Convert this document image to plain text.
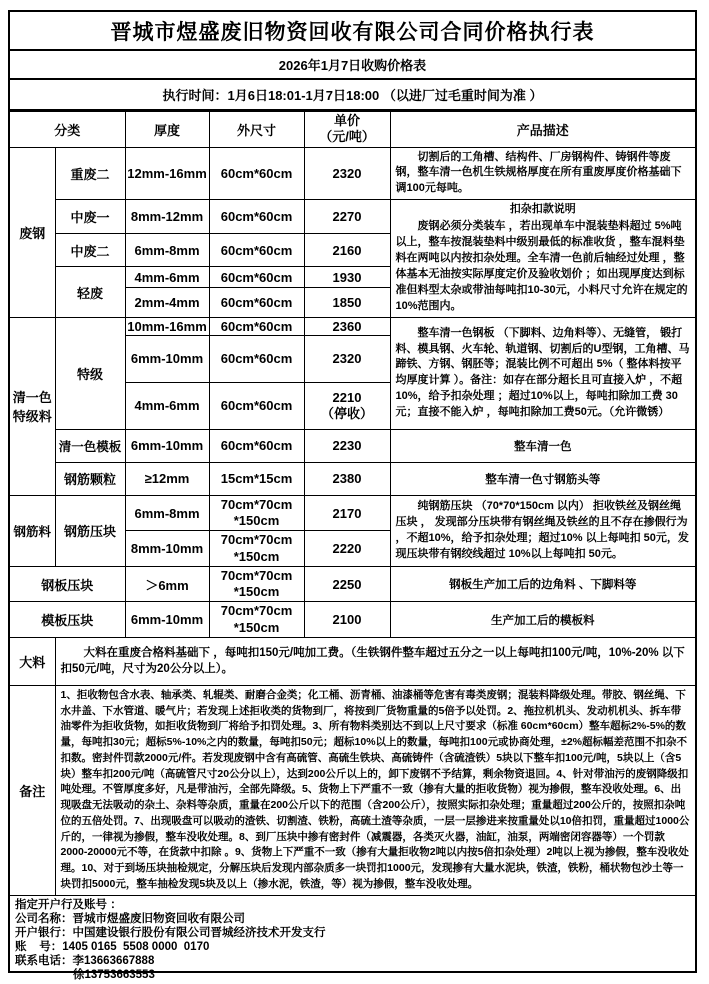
晋城市煜盛废旧物资回收有限公司合同价格执行表
2026年1月7日收购价格表
执行时间：1月6日18:01-1月7日18:00 （以进厂过毛重时间为准 ）
分类		厚度	外尺寸	单价
（元/吨）	产品描述
废钢	重废二	12mm-16mm	60cm*60cm	2320	切割后的工角槽、结构件、厂房钢构件、铸钢件等废钢，整车清一色机生铁规格厚度在所有重废厚度价格基础下调100元每吨。

	中废一	8mm-12mm	60cm*60cm	2270	扣杂扣款说明

废钢必须分类装车 ，若出现单车中混装垫料超过 5%吨以上，整车按混装垫料中级别最低的标准收货 ，整车混料垫料在两吨以内按扣杂处理。全车清一色前后轴经过处理 ，整体基本无油按实际厚度定价及验收划价 ；如出现厚度达到标准但料型太杂或带油每吨扣10-30元，小料尺寸允许在规定的 10%范围内。

	中废二	6mm-8mm	60cm*60cm	2160	
	轻废	4mm-6mm	60cm*60cm	1930	
		2mm-4mm	60cm*60cm	1850	
清一色特级料	特级	10mm-16mm	60cm*60cm	2360	整车清一色钢板 （下脚料、边角料等）、无缝管， 锻打料、模具钢、火车轮、轨道钢、切割后的U型钢，工角槽、马蹄铁、方钢、钢胚等；混装比例不可超出 5%（ 整体料按平均厚度计算 ）。备注：如存在部分超长且可直接入炉 ，不超10%，给予扣杂处理 ；超过10%以上，每吨扣除加工费 30元；直接不能入炉 ，每吨扣除加工费50元。（允许微锈）

		6mm-10mm	60cm*60cm	2320	
		4mm-6mm	60cm*60cm	2210
（停收）	

	清一色模板	6mm-10mm	60cm*60cm	2230	整车清一色
	钢筋颗粒	≥12mm	15cm*15cm	2380	整车清一色寸钢筋头等
钢筋料	钢筋压块	6mm-8mm	70cm*70cm
*150cm	2170	纯钢筋压块 （70*70*150cm 以内） 拒收铁丝及钢丝绳压块 ， 发现部分压块带有钢丝绳及铁丝的且不存在掺假行为 ，不超10%，给予扣杂处理；超过10% 以上每吨扣 50元，发现压块带有钢绞线超过 10%以上每吨扣 50元。

		8mm-10mm	70cm*70cm
*150cm	2220	
钢板压块		＞6mm	70cm*70cm
*150cm	2250	钢板生产加工后的边角料 、下脚料等
模板压块		6mm-10mm	70cm*70cm
*150cm	2100	生产加工后的模板料
大料	大料在重废合格料基础下 ，每吨扣150元/吨加工费。（生铁钢件整车超过五分之一以上每吨扣100元/吨，10%-20% 以下扣50元/吨，尺寸为20公分以上）。				

备注	1、拒收物包含水表、轴承类、轧辊类、耐磨合金类；化工桶、沥青桶、油漆桶等危害有毒类废钢；混装料降级处理。带胶、钢丝绳、下水井盖、下水管道、暖气片；若发现上述拒收类的货物到厂，将按到厂货物重量的5倍予以处罚。2、拖拉机机头、发动机机头、拆车带油零件为拒收货物，如拒收货物到厂将给予扣罚处理。3、所有物料类别达不到以上尺寸要求（标准 60cm*60cm）整车超标2%-5%的数量，每吨扣30元；超标5%-10%之内的数量，每吨扣50元；超标10%以上的数量，每吨扣100元或协商处理，±2%超标幅差范围不扣杂不扣数。密封件罚款2000元/件。若发现废钢中含有高硫管、高硫生铁块、高硫铸件（含硫渣铁）5块以下整车扣100元/吨，5块以上（含5块）整车扣200元/吨（高硫管尺寸20公分以上），达到200公斤以上的，卸下废钢不予结算，剩余物资退回。4、针对带油污的废钢降级扣吨处理。不管厚度多好，凡是带油污，全部先降级。5、货物上下严重不一致（掺有大量的拒收货物）视为掺假，整车没收处理。6、出现吸盘无法吸动的杂土、杂料等杂质，重量在200公斤以下的范围（含200公斤），按照实际扣杂处理；重量超过200公斤的，按照扣杂吨位的五倍处罚。7、出现吸盘可以吸动的渣铁、切割渣、铁粉，高硫土渣等杂质，一层一层掺进来按重量处以10倍扣罚，重量超过1000公斤的，一律视为掺假，整车没收处理。8、到厂压块中掺有密封件（减震器，各类灭火器，油缸，油泵，两端密闭容器等）一个罚款2000-20000元不等，在货款中扣除 。9、货物上下严重不一致（掺有大量拒收物2吨以内按5倍扣杂处理）2吨以上视为掺假，整车没收处理。10、对于到场压块抽检规定，分解压块后发现内部杂质多一块罚扣1000元，发现掺有大量水泥块，铁渣，铁粉，桶状物包沙土等一块罚扣5000元，整车抽检发现5块及以上（掺水泥，铁渣，等）视为掺假，整车没收处理。				
指定开户行及账号 ：
公司名称：晋城市煜盛废旧物资回收有限公司
开户银行：中国建设银行股份有限公司晋城经济技术开发支行
账    号：1405 0165  5508 0000  0170
联系电话：李13663667888
徐13753663553
